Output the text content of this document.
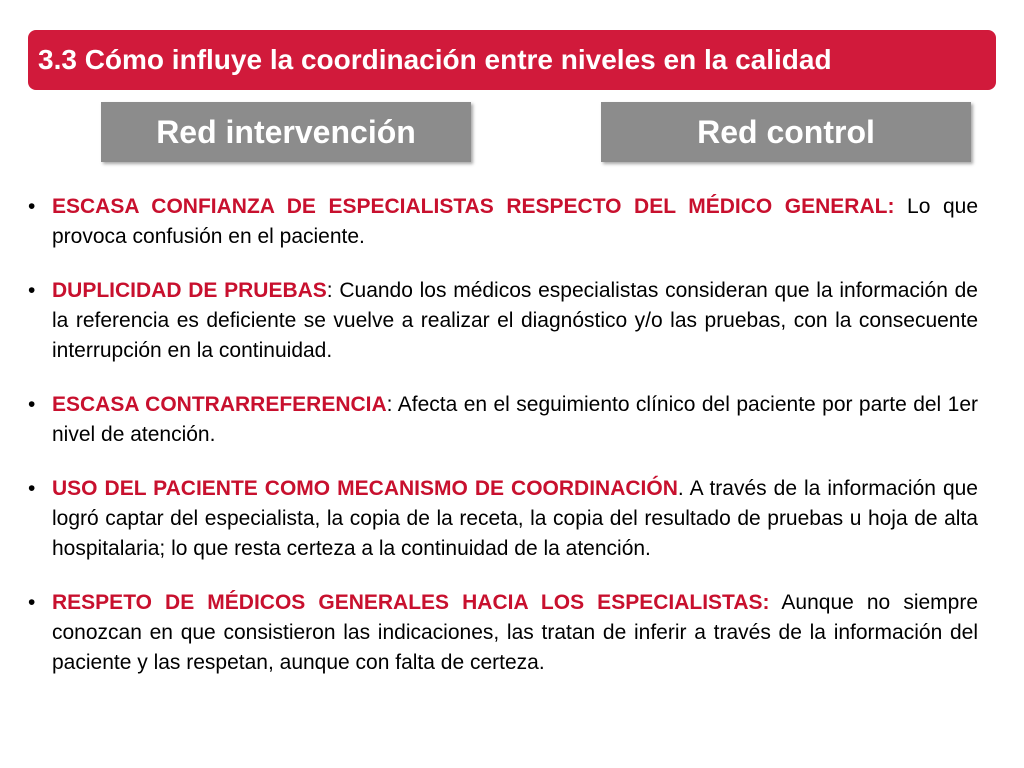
3.3 Cómo influye la coordinación entre niveles en la calidad
Red intervención	Red control
• ESCASA CONFIANZA DE ESPECIALISTAS RESPECTO DEL MÉDICO GENERAL: Lo que provoca confusión en el paciente.
• DUPLICIDAD DE PRUEBAS: Cuando los médicos especialistas consideran que la información de la referencia es deficiente se vuelve a realizar el diagnóstico y/o las pruebas, con la consecuente interrupción en la continuidad.
• ESCASA CONTRARREFERENCIA: Afecta en el seguimiento clínico del paciente por parte del 1er nivel de atención.
• USO DEL PACIENTE COMO MECANISMO DE COORDINACIÓN. A través de la información que logró captar del especialista, la copia de la receta, la copia del resultado de pruebas u hoja de alta hospitalaria; lo que resta certeza a la continuidad de la atención.
• RESPETO DE MÉDICOS GENERALES HACIA LOS ESPECIALISTAS: Aunque no siempre conozcan en que consistieron las indicaciones, las tratan de inferir a través de la información del paciente y las respetan, aunque con falta de certeza.
